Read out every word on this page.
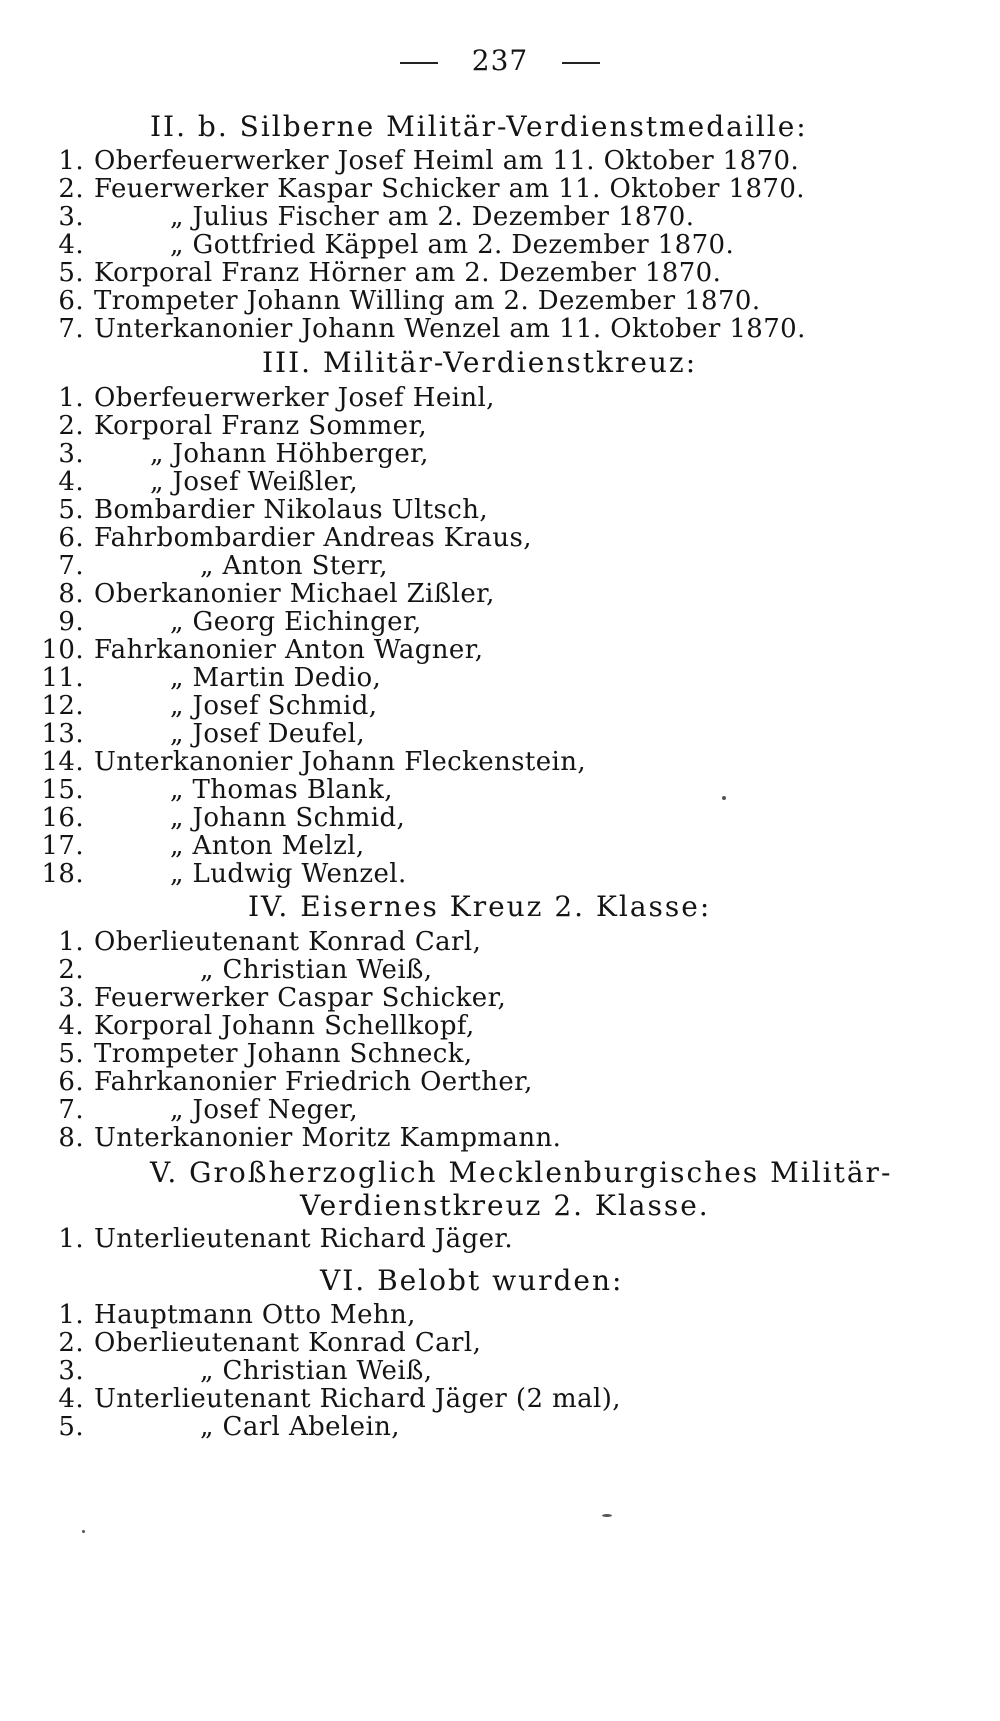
237
II. b. Silberne Militär-Verdienstmedaille:
1. Oberfeuerwerker Josef Heiml am 11. Oktober 1870.
2. Feuerwerker Kaspar Schicker am 11. Oktober 1870.
3.	„ Julius Fischer am 2. Dezember 1870.
4.	„ Gottfried Käppel am 2. Dezember 1870.
5. Korporal Franz Hörner am 2. Dezember 1870.
6. Trompeter Johann Willing am 2. Dezember 1870.
7. Unterkanonier Johann Wenzel am 11. Oktober 1870.
III. Militär-Verdienstkreuz:
1. Oberfeuerwerker Josef Heinl,
2. Korporal Franz Sommer,
3.	„ Johann Höhberger,
4.	„ Josef Weißler,
5. Bombardier Nikolaus Ultsch,
6. Fahrbombardier Andreas Kraus,
7.	„ Anton Sterr,
8. Oberkanonier Michael Zißler,
9.	„ Georg Eichinger,
10. Fahrkanonier Anton Wagner,
11.	„ Martin Dedio,
12.	„ Josef Schmid,
13.	„ Josef Deufel,
14. Unterkanonier Johann Fleckenstein,
15.	„ Thomas Blank,
16.	„ Johann Schmid,
17.	„ Anton Melzl,
18.	„ Ludwig Wenzel.
IV. Eisernes Kreuz 2. Klasse:
1. Oberlieutenant Konrad Carl,
2.	„ Christian Weiß,
3. Feuerwerker Caspar Schicker,
4. Korporal Johann Schellkopf,
5. Trompeter Johann Schneck,
6. Fahrkanonier Friedrich Oerther,
7.	„ Josef Neger,
8. Unterkanonier Moritz Kampmann.
V. Großherzoglich Mecklenburgisches Militär-
Verdienstkreuz 2. Klasse.
1. Unterlieutenant Richard Jäger.
VI. Belobt wurden:
1. Hauptmann Otto Mehn,
2. Oberlieutenant Konrad Carl,
3.	„ Christian Weiß,
4. Unterlieutenant Richard Jäger (2 mal),
5.	„ Carl Abelein,
